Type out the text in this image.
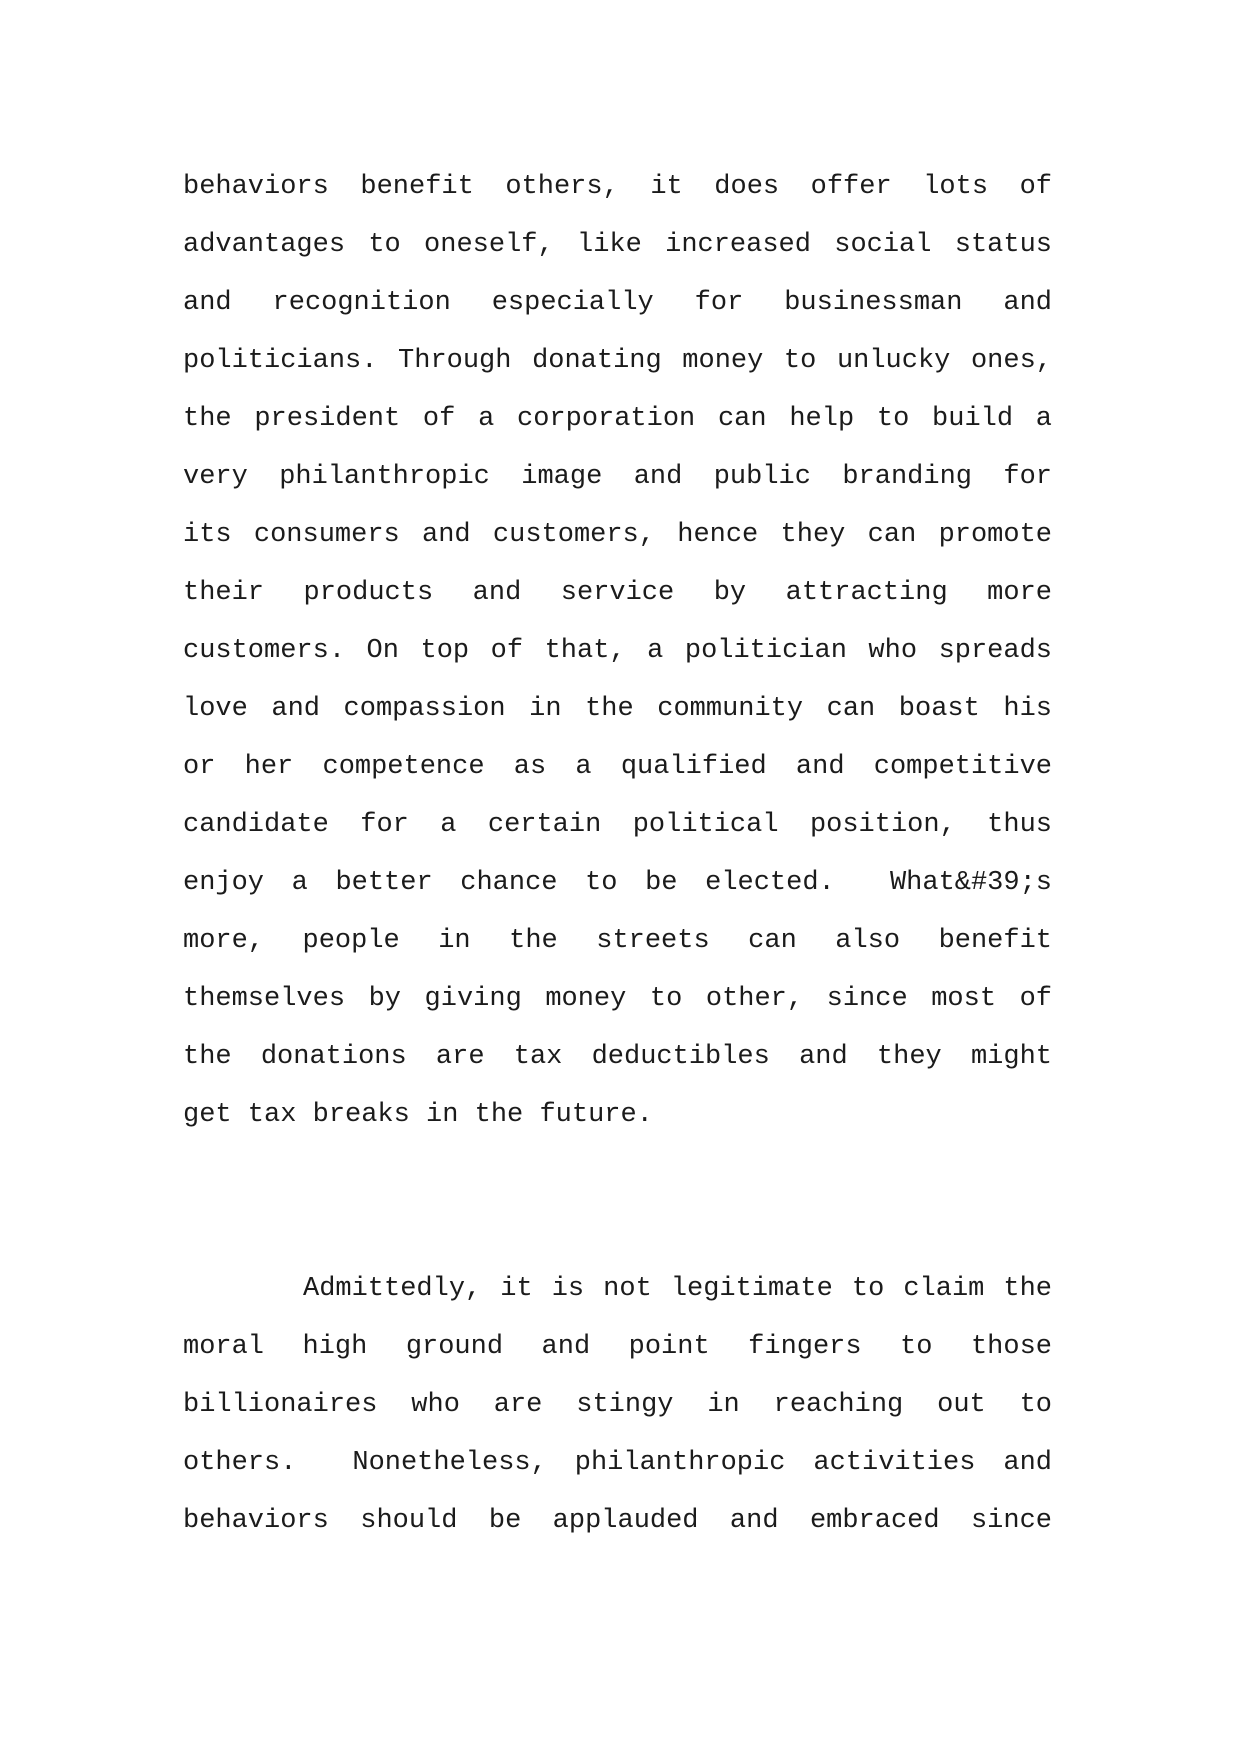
behaviors benefit others, it does offer lots of
advantages to oneself, like increased social status
and recognition especially for businessman and
politicians. Through donating money to unlucky ones,
the president of a corporation can help to build a
very philanthropic image and public branding for
its consumers and customers, hence they can promote
their products and service by attracting more
customers. On top of that, a politician who spreads
love and compassion in the community can boast his
or her competence as a qualified and competitive
candidate for a certain political position, thus
enjoy a better chance to be elected.  What&#39;s
more, people in the streets can also benefit
themselves by giving money to other, since most of
the donations are tax deductibles and they might
get tax breaks in the future.
Admittedly, it is not legitimate to claim the
moral high ground and point fingers to those
billionaires who are stingy in reaching out to
others.  Nonetheless, philanthropic activities and
behaviors should be applauded and embraced since
